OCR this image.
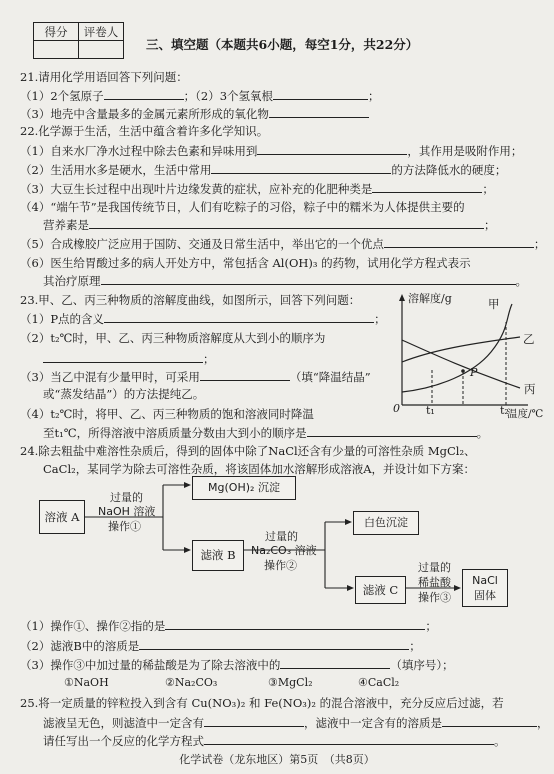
得分	评卷人

三、填空题（本题共6小题，每空1分，共22分）
21.请用化学用语回答下列问题：
（1）2个氢原子	；（2）3个氢氧根	；
（3）地壳中含量最多的金属元素所形成的氧化物
22.化学源于生活，生活中蕴含着许多化学知识。
（1）自来水厂净水过程中除去色素和异味用到	，其作用是吸附作用；
（2）生活用水多是硬水，生活中常用	的方法降低水的硬度；
（3）大豆生长过程中出现叶片边缘发黄的症状，应补充的化肥种类是	；
（4）“端午节”是我国传统节日，人们有吃粽子的习俗，粽子中的糯米为人体提供主要的
营养素是	；
（5）合成橡胶广泛应用于国防、交通及日常生活中，举出它的一个优点	；
（6）医生给胃酸过多的病人开处方中，常包括含 Al(OH)₃ 的药物，试用化学方程式表示
其治疗原理	。
23.甲、乙、丙三种物质的溶解度曲线，如图所示，回答下列问题：
（1）P点的含义	；
（2）t₂℃时，甲、乙、丙三种物质溶解度从大到小的顺序为
；
（3）当乙中混有少量甲时，可采用	（填“降温结晶”
或“蒸发结晶”）的方法提纯乙。
（4）t₂℃时，将甲、乙、丙三种物质的饱和溶液同时降温
至t₁℃，所得溶液中溶质质量分数由大到小的顺序是	。
溶解度/g	甲
乙
丙
P
0 t₁	t₂
温度/℃
24.除去粗盐中难溶性杂质后，得到的固体中除了NaCl还含有少量的可溶性杂质 MgCl₂、
CaCl₂，某同学为除去可溶性杂质，将该固体加水溶解形成溶液A，并设计如下方案：
溶液 A
过量的
NaOH 溶液
操作①
Mg(OH)₂ 沉淀
滤液 B
过量的
Na₂CO₃ 溶液
操作②
白色沉淀
滤液 C
过量的
稀盐酸
操作③
NaCl
固体
（1）操作①、操作②指的是	；
（2）滤液B中的溶质是	；
（3）操作③中加过量的稀盐酸是为了除去溶液中的	（填序号）；
①NaOH	②Na₂CO₃	③MgCl₂	④CaCl₂
25.将一定质量的锌粒投入到含有 Cu(NO₃)₂ 和 Fe(NO₃)₂ 的混合溶液中，充分反应后过滤，若
滤液呈无色，则滤渣中一定含有	，滤液中一定含有的溶质是	，
请任写出一个反应的化学方程式	。
化学试卷（龙东地区）第5页　（共8页）
